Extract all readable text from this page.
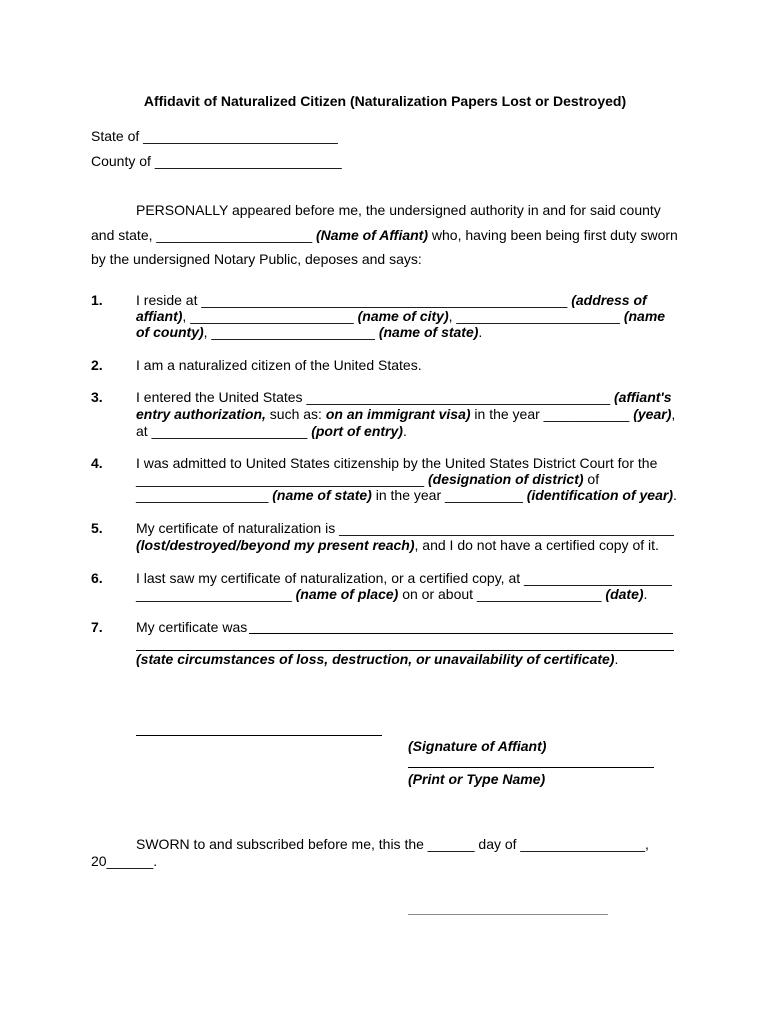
Affidavit of Naturalized Citizen (Naturalization Papers Lost or Destroyed)
State of _________________________
County of ________________________
PERSONALLY appeared before me, the undersigned authority in and for said county
and state, ____________________ (Name of Affiant) who, having been being first duty sworn
by the undersigned Notary Public, deposes and says:
1. I reside at _______________________________________________ (address of
affiant), _____________________ (name of city), _____________________ (name
of county), _____________________ (name of state).
2. I am a naturalized citizen of the United States.
3. I entered the United States _______________________________________ (affiant's
entry authorization, such as: on an immigrant visa) in the year ___________ (year),
at ____________________ (port of entry).
4. I was admitted to United States citizenship by the United States District Court for the
_____________________________________ (designation of district) of
_________________ (name of state) in the year __________ (identification of year).
5. My certificate of naturalization is ___________________________________________
(lost/destroyed/beyond my present reach), and I do not have a certified copy of it.
6. I last saw my certificate of naturalization, or a certified copy, at ___________________
____________________ (name of place) on or about ________________ (date).
7. My certificate was
(state circumstances of loss, destruction, or unavailability of certificate).
(Signature of Affiant)
(Print or Type Name)
SWORN to and subscribed before me, this the ______ day of ________________,
20______.
